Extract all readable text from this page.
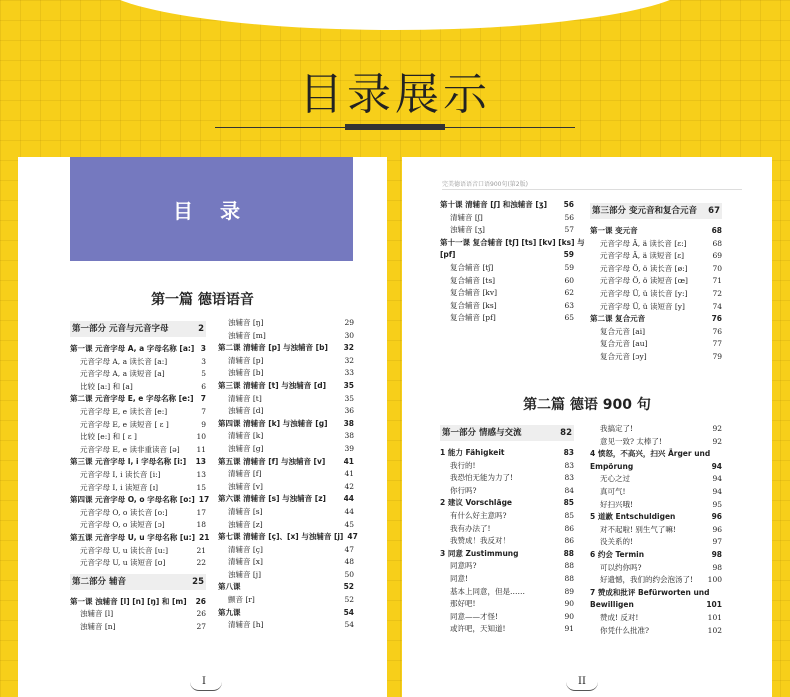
目录展示
目 录
第一篇 德语语音
第一部分 元音与元音字母	2
第一课 元音字母 A, a 字母名称 [a:] 3
元音字母 A, a 读长音 [a:]	3
元音字母 A, a 读短音 [a]	5
比较 [a:] 和 [a]	6
第二课 元音字母 E, e 字母名称 [e:] 7
元音字母 E, e 读长音 [e:]	7
元音字母 E, e 读短音 [ ɛ ]	9
比较 [e:] 和 [ ɛ ]	10
元音字母 E, e 读非重读音 [ə]	11
第三课 元音字母 I, i 字母名称 [i:]	13
元音字母 I, i 读长音 [i:]	13
元音字母 I, i 读短音 [ɪ]	15
第四课 元音字母 O, o 字母名称 [o:] 17
元音字母 O, o 读长音 [o:]	17
元音字母 O, o 读短音 [ɔ]	18
第五课 元音字母 U, u 字母名称 [u:] 21
元音字母 U, u 读长音 [u:]	21
元音字母 U, u 读短音 [ʊ]	22
第二部分 辅音	25
第一课 浊辅音 [l] [n] [ŋ] 和 [m]	26
浊辅音 [l]	26
浊辅音 [n]	27
浊辅音 [ŋ]	29
浊辅音 [m]	30
第二课 清辅音 [p] 与浊辅音 [b]	32
清辅音 [p]	32
浊辅音 [b]	33
第三课 清辅音 [t] 与浊辅音 [d]	35
清辅音 [t]	35
浊辅音 [d]	36
第四课 清辅音 [k] 与浊辅音 [g]	38
清辅音 [k]	38
浊辅音 [g]	39
第五课 清辅音 [f] 与浊辅音 [v]	41
清辅音 [f]	41
浊辅音 [v]	42
第六课 清辅音 [s] 与浊辅音 [z]	44
清辅音 [s]	44
浊辅音 [z]	45
第七课 清辅音 [ç]、[x] 与浊辅音 [j] 47
清辅音 [ç]	47
清辅音 [x]	48
浊辅音 [j]	50
第八课	52
颤音 [r]	52
第九课	54
清辅音 [h]	54
I
完美德语语音口语900句(第2版)
第十课 清辅音 [ʃ] 和浊辅音 [ʒ]	56
清辅音 [ʃ]	56
浊辅音 [ʒ]	57
第十一课 复合辅音 [tʃ] [ts] [kv] [ks] 与
[pf]	59
复合辅音 [tʃ]	59
复合辅音 [ts]	60
复合辅音 [kv]	62
复合辅音 [ks]	63
复合辅音 [pf]	65
第三部分 变元音和复合元音	67
第一课 变元音	68
元音字母 Ä, ä 读长音 [ɛ:]	68
元音字母 Ä, ä 读短音 [ɛ]	69
元音字母 Ö, ö 读长音 [ø:]	70
元音字母 Ö, ö 读短音 [œ]	71
元音字母 Ü, ü 读长音 [y:]	72
元音字母 Ü, ü 读短音 [y]	74
第二课 复合元音	76
复合元音 [ai]	76
复合元音 [au]	77
复合元音 [ɔy]	79
第二篇 德语 900 句
第一部分 情感与交流	82
1 能力 Fähigkeit	83
我行的!	83
我恐怕无能为力了!	83
你行吗?	84
2 建议 Vorschläge	85
有什么好主意吗?	85
我有办法了!	86
我赞成！我反对！	86
3 同意 Zustimmung	88
同意吗?	88
同意!	88
基本上同意，但是……	89
那好吧!	90
同意——才怪!	90
或许吧，天知道!	91
我搞定了!	92
意见一致? 太棒了!	92
4 愤怒，不高兴，扫兴 Ärger und
Empörung	94
无心之过	94
真可气!	94
好扫兴哦!	95
5 道歉 Entschuldigen	96
对不起啦! 别生气了嘛!	96
没关系的!	97
6 约会 Termin	98
可以约你吗?	98
好遗憾，我们的约会泡汤了!	100
7 赞成和批评 Befürworten und
Bewilligen	101
赞成! 反对!	101
你凭什么批准?	102
II
